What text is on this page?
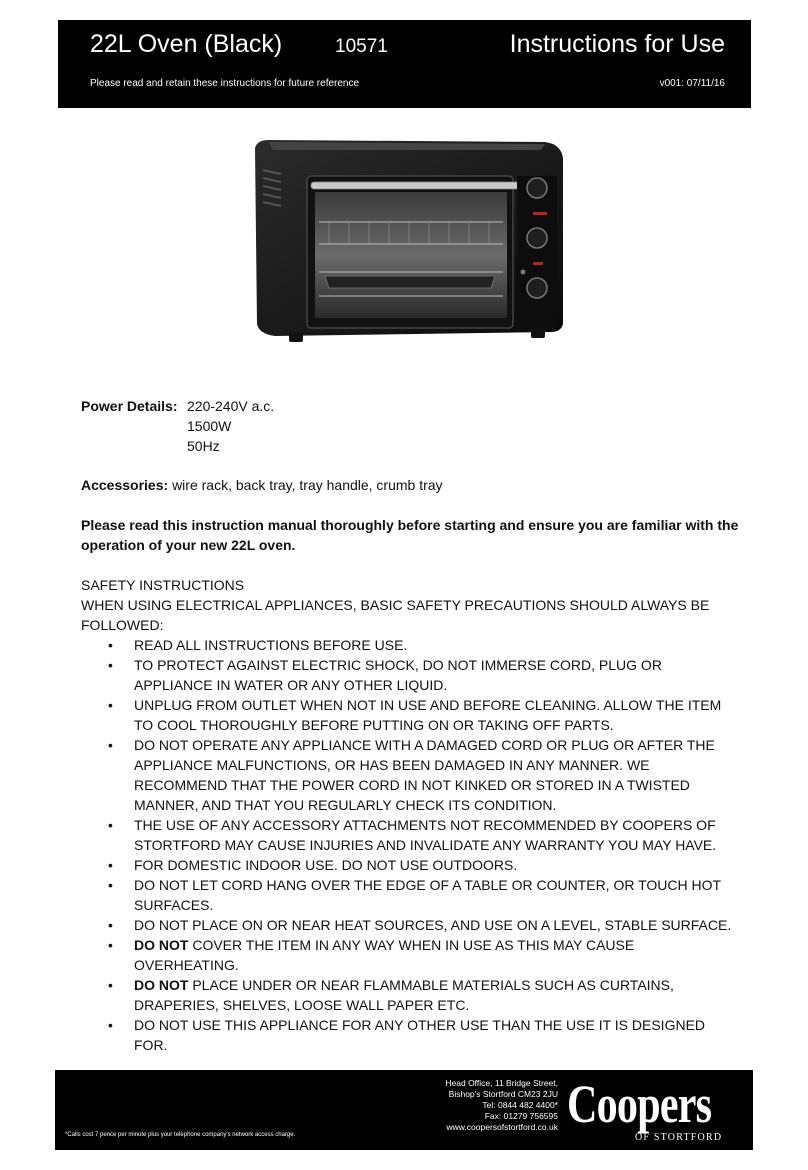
22L Oven (Black)	10571	Instructions for Use
Please read and retain these instructions for future reference	v001: 07/11/16
Power Details: 220-240V a.c.
1500W
50Hz
Accessories: wire rack, back tray, tray handle, crumb tray
Please read this instruction manual thoroughly before starting and ensure you are familiar with the operation of your new 22L oven.
SAFETY INSTRUCTIONS
WHEN USING ELECTRICAL APPLIANCES, BASIC SAFETY PRECAUTIONS SHOULD ALWAYS BE FOLLOWED:
• READ ALL INSTRUCTIONS BEFORE USE.
• TO PROTECT AGAINST ELECTRIC SHOCK, DO NOT IMMERSE CORD, PLUG OR APPLIANCE IN WATER OR ANY OTHER LIQUID.
• UNPLUG FROM OUTLET WHEN NOT IN USE AND BEFORE CLEANING. ALLOW THE ITEM TO COOL THOROUGHLY BEFORE PUTTING ON OR TAKING OFF PARTS.
• DO NOT OPERATE ANY APPLIANCE WITH A DAMAGED CORD OR PLUG OR AFTER THE APPLIANCE MALFUNCTIONS, OR HAS BEEN DAMAGED IN ANY MANNER. WE RECOMMEND THAT THE POWER CORD IN NOT KINKED OR STORED IN A TWISTED MANNER, AND THAT YOU REGULARLY CHECK ITS CONDITION.
• THE USE OF ANY ACCESSORY ATTACHMENTS NOT RECOMMENDED BY COOPERS OF STORTFORD MAY CAUSE INJURIES AND INVALIDATE ANY WARRANTY YOU MAY HAVE.
• FOR DOMESTIC INDOOR USE. DO NOT USE OUTDOORS.
• DO NOT LET CORD HANG OVER THE EDGE OF A TABLE OR COUNTER, OR TOUCH HOT SURFACES.
• DO NOT PLACE ON OR NEAR HEAT SOURCES, AND USE ON A LEVEL, STABLE SURFACE.
• DO NOT COVER THE ITEM IN ANY WAY WHEN IN USE AS THIS MAY CAUSE OVERHEATING.
• DO NOT PLACE UNDER OR NEAR FLAMMABLE MATERIALS SUCH AS CURTAINS, DRAPERIES, SHELVES, LOOSE WALL PAPER ETC.
• DO NOT USE THIS APPLIANCE FOR ANY OTHER USE THAN THE USE IT IS DESIGNED FOR.
*Calls cost 7 pence per minute plus your telephone company's network access charge.
Head Office, 11 Bridge Street,
Bishop's Stortford CM23 2JU
Tel: 0844 482 4400*
Fax: 01279 756595
www.coopersofstortford.co.uk Coopers
OF STORTFORD
